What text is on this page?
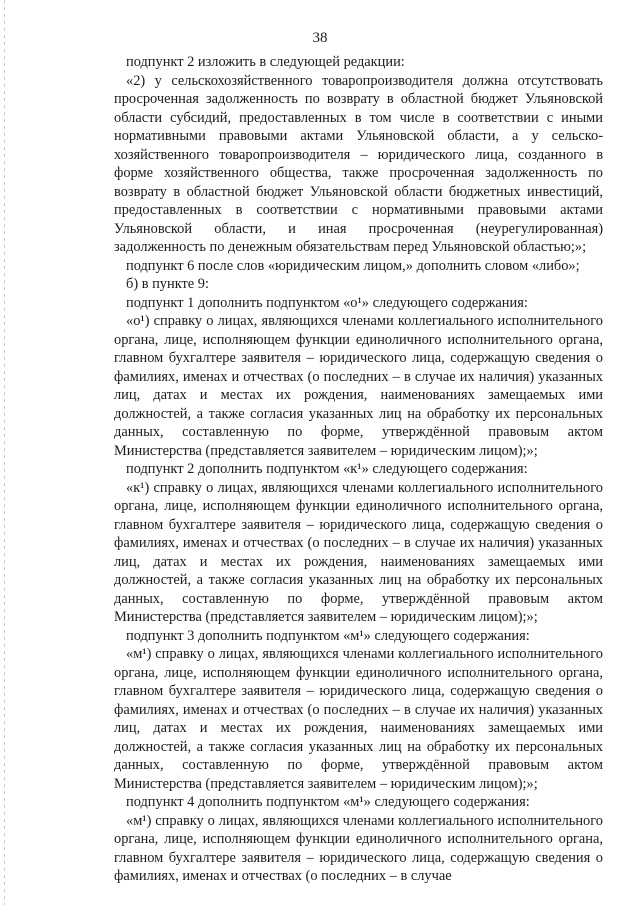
38

подпункт 2 изложить в следующей редакции:

«2) у сельскохозяйственного товаропроизводителя должна отсутствовать просроченная задолженность по возврату в областной бюджет Ульяновской области субсидий, предоставленных в том числе в соответствии с иными нормативными правовыми актами Ульяновской области, а у сельско-хозяйственного товаропроизводителя – юридического лица, созданного в форме хозяйственного общества, также просроченная задолженность по возврату в областной бюджет Ульяновской области бюджетных инвестиций, предоставленных в соответствии с нормативными правовыми актами Ульяновской области, и иная просроченная (неурегулированная) задолженность по денежным обязательствам перед Ульяновской областью;»;

подпункт 6 после слов «юридическим лицом,» дополнить словом «либо»;

б) в пункте 9:

подпункт 1 дополнить подпунктом «о¹» следующего содержания:

«о¹) справку о лицах, являющихся членами коллегиального исполнительного органа, лице, исполняющем функции единоличного исполнительного органа, главном бухгалтере заявителя – юридического лица, содержащую сведения о фамилиях, именах и отчествах (о последних – в случае их наличия) указанных лиц, датах и местах их рождения, наименованиях замещаемых ими должностей, а также согласия указанных лиц на обработку их персональных данных, составленную по форме, утверждённой правовым актом Министерства (представляется заявителем – юридическим лицом);»;

подпункт 2 дополнить подпунктом «к¹» следующего содержания:

«к¹) справку о лицах, являющихся членами коллегиального исполнительного органа, лице, исполняющем функции единоличного исполнительного органа, главном бухгалтере заявителя – юридического лица, содержащую сведения о фамилиях, именах и отчествах (о последних – в случае их наличия) указанных лиц, датах и местах их рождения, наименованиях замещаемых ими должностей, а также согласия указанных лиц на обработку их персональных данных, составленную по форме, утверждённой правовым актом Министерства (представляется заявителем – юридическим лицом);»;

подпункт 3 дополнить подпунктом «м¹» следующего содержания:

«м¹) справку о лицах, являющихся членами коллегиального исполнительного органа, лице, исполняющем функции единоличного исполнительного органа, главном бухгалтере заявителя – юридического лица, содержащую сведения о фамилиях, именах и отчествах (о последних – в случае их наличия) указанных лиц, датах и местах их рождения, наименованиях замещаемых ими должностей, а также согласия указанных лиц на обработку их персональных данных, составленную по форме, утверждённой правовым актом Министерства (представляется заявителем – юридическим лицом);»;

подпункт 4 дополнить подпунктом «м¹» следующего содержания:

«м¹) справку о лицах, являющихся членами коллегиального исполнительного органа, лице, исполняющем функции единоличного исполнительного органа, главном бухгалтере заявителя – юридического лица, содержащую сведения о фамилиях, именах и отчествах (о последних – в случае
